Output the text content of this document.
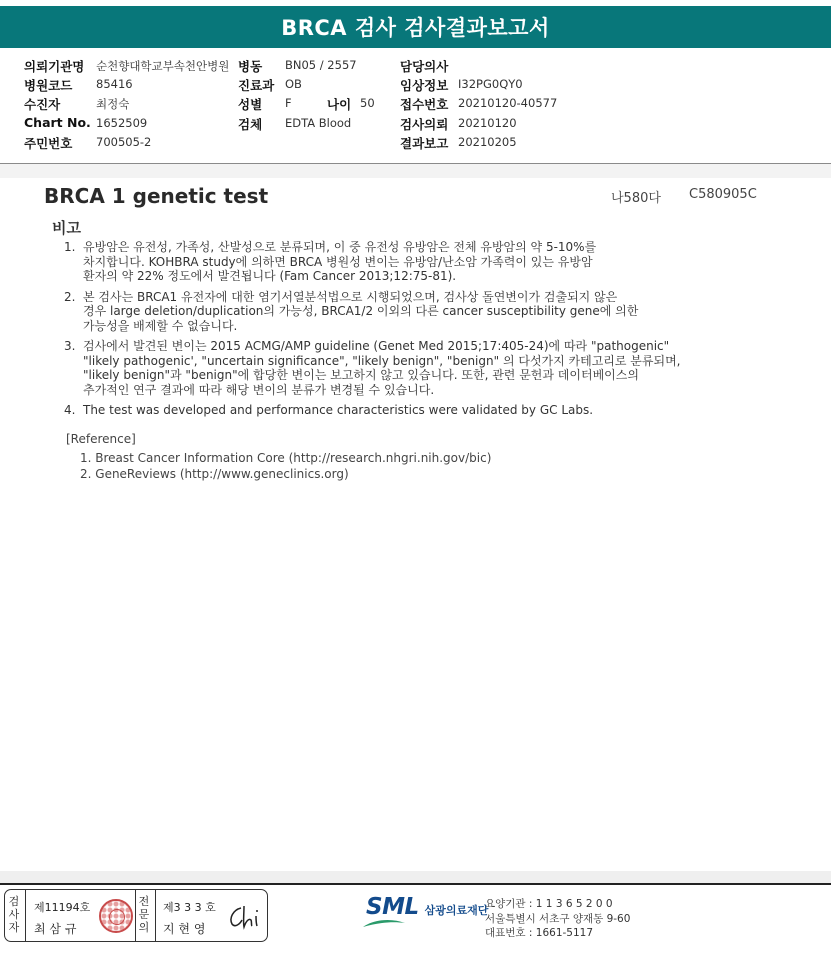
BRCA 검사 검사결과보고서
의뢰기관명 순천향대학교부속천안병원 병동 BN05 / 2557	담당의사
병원코드 85416	진료과 OB	임상정보 I32PG0QY0
수진자	최정숙	성별 F	나이 50 접수번호 20210120-40577
Chart No. 1652509	검체 EDTA Blood	검사의뢰 20210120
주민번호 700505-2	결과보고 20210205
BRCA 1 genetic test	나580다 C580905C
비고
1. 유방암은 유전성, 가족성, 산발성으로 분류되며, 이 중 유전성 유방암은 전체 유방암의 약 5-10%를
차지합니다. KOHBRA study에 의하면 BRCA 병원성 변이는 유방암/난소암 가족력이 있는 유방암
환자의 약 22% 정도에서 발견됩니다 (Fam Cancer 2013;12:75-81).
2. 본 검사는 BRCA1 유전자에 대한 염기서열분석법으로 시행되었으며, 검사상 돌연변이가 검출되지 않은
경우 large deletion/duplication의 가능성, BRCA1/2 이외의 다른 cancer susceptibility gene에 의한
가능성을 배제할 수 없습니다.
3. 검사에서 발견된 변이는 2015 ACMG/AMP guideline (Genet Med 2015;17:405-24)에 따라 "pathogenic"
"likely pathogenic', "uncertain significance", "likely benign", "benign" 의 다섯가지 카테고리로 분류되며,
"likely benign"과 "benign"에 합당한 변이는 보고하지 않고 있습니다. 또한, 관련 문헌과 데이터베이스의
추가적인 연구 결과에 따라 해당 변이의 분류가 변경될 수 있습니다.
4. The test was developed and performance characteristics were validated by GC Labs.
[Reference]
1. Breast Cancer Information Core (http://research.nhgri.nih.gov/bic)
2. GeneReviews (http://www.geneclinics.org)
검
사
자
제11194호
최 삼 규
전
문
의
제3 3 3 호
지 현 영
SML 삼광의료재단
요양기관 : 1 1 3 6 5 2 0 0
서울특별시 서초구 양재동 9-60
대표번호 : 1661-5117
